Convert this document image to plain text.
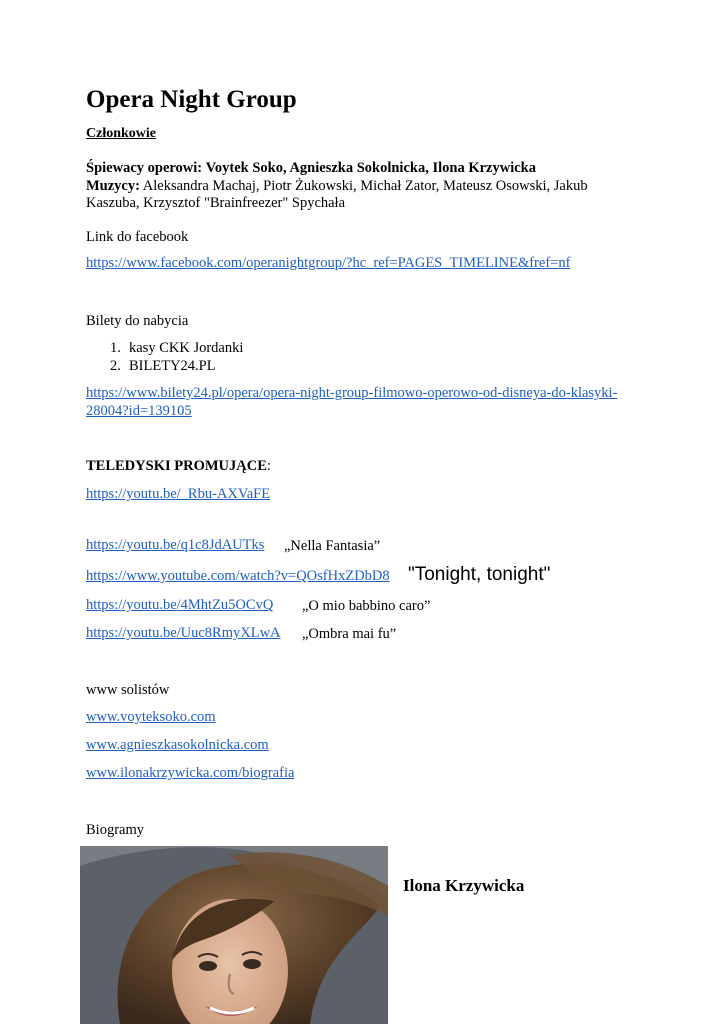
Opera Night Group
Członkowie
Śpiewacy operowi: Voytek Soko, Agnieszka Sokolnicka, Ilona Krzywicka
Muzycy: Aleksandra Machaj, Piotr Żukowski, Michał Zator, Mateusz Osowski, Jakub
Kaszuba, Krzysztof "Brainfreezer" Spychała
Link do facebook
https://www.facebook.com/operanightgroup/?hc_ref=PAGES_TIMELINE&fref=nf
Bilety do nabycia
1. kasy CKK Jordanki
2. BILETY24.PL
https://www.bilety24.pl/opera/opera-night-group-filmowo-operowo-od-disneya-do-klasyki-
28004?id=139105
TELEDYSKI PROMUJĄCE:
https://youtu.be/_Rbu-AXVaFE
https://youtu.be/q1c8JdAUTks „Nella Fantasia”
https://www.youtube.com/watch?v=QOsfHxZDbD8 "Tonight, tonight"
https://youtu.be/4MhtZu5OCvQ „O mio babbino caro”
https://youtu.be/Uuc8RmyXLwA „Ombra mai fu”
www solistów
www.voyteksoko.com
www.agnieszkasokolnicka.com
www.ilonakrzywicka.com/biografia
Biogramy
Ilona Krzywicka
